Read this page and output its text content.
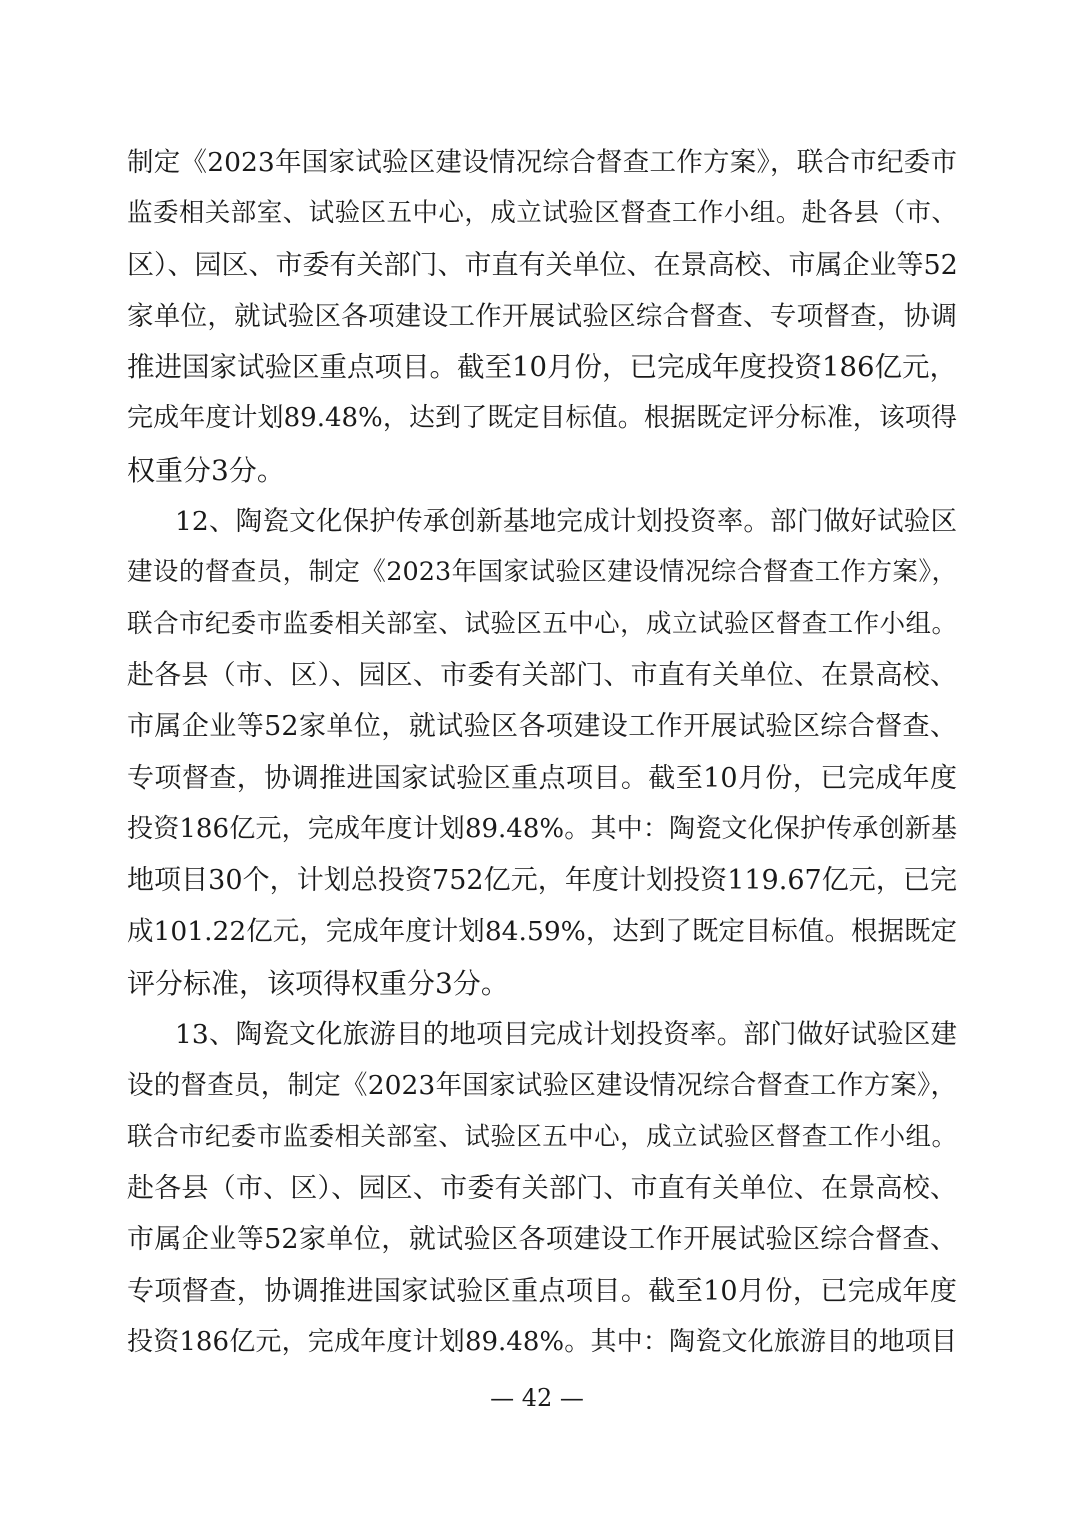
制定《2023年国家试验区建设情况综合督查工作方案》，联合市纪委市
监委相关部室、试验区五中心，成立试验区督查工作小组。赴各县（市、
区）、园区、市委有关部门、市直有关单位、在景高校、市属企业等52
家单位，就试验区各项建设工作开展试验区综合督查、专项督查，协调
推进国家试验区重点项目。截至10月份，已完成年度投资186亿元，
完成年度计划89.48%，达到了既定目标值。根据既定评分标准，该项得
权重分3分。
12、陶瓷文化保护传承创新基地完成计划投资率。部门做好试验区
建设的督查员，制定《2023年国家试验区建设情况综合督查工作方案》，
联合市纪委市监委相关部室、试验区五中心，成立试验区督查工作小组。
赴各县（市、区）、园区、市委有关部门、市直有关单位、在景高校、
市属企业等52家单位，就试验区各项建设工作开展试验区综合督查、
专项督查，协调推进国家试验区重点项目。截至10月份，已完成年度
投资186亿元，完成年度计划89.48%。其中：陶瓷文化保护传承创新基
地项目30个，计划总投资752亿元，年度计划投资119.67亿元，已完
成101.22亿元，完成年度计划84.59%，达到了既定目标值。根据既定
评分标准，该项得权重分3分。
13、陶瓷文化旅游目的地项目完成计划投资率。部门做好试验区建
设的督查员，制定《2023年国家试验区建设情况综合督查工作方案》，
联合市纪委市监委相关部室、试验区五中心，成立试验区督查工作小组。
赴各县（市、区）、园区、市委有关部门、市直有关单位、在景高校、
市属企业等52家单位，就试验区各项建设工作开展试验区综合督查、
专项督查，协调推进国家试验区重点项目。截至10月份，已完成年度
投资186亿元，完成年度计划89.48%。其中：陶瓷文化旅游目的地项目
— 42 —
